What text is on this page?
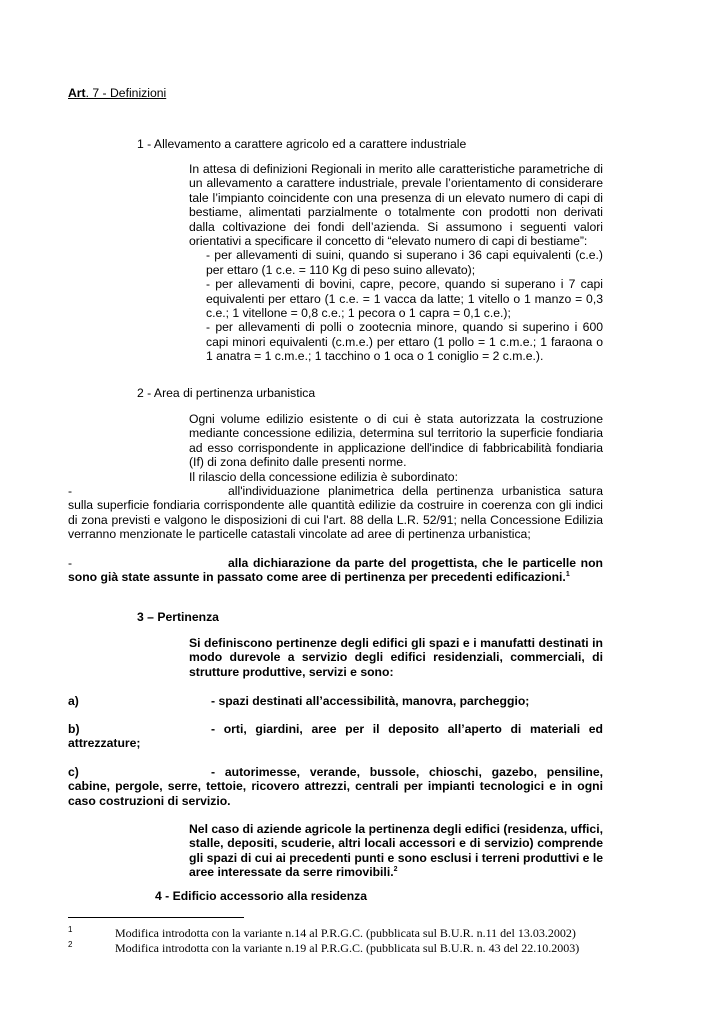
Art. 7 - Definizioni
1 - Allevamento a carattere agricolo ed a carattere industriale
In attesa di definizioni Regionali in merito alle caratteristiche parametriche di un allevamento a carattere industriale, prevale l’orientamento di considerare tale l’impianto coincidente con una presenza di un elevato numero di capi di bestiame, alimentati parzialmente o totalmente con prodotti non derivati dalla coltivazione dei fondi dell’azienda. Si assumono i seguenti valori orientativi a specificare il concetto di “elevato numero di capi di bestiame”:
- per allevamenti di suini, quando si superano i 36 capi equivalenti (c.e.) per ettaro (1 c.e. = 110 Kg di peso suino allevato);
- per allevamenti di bovini, capre, pecore, quando si superano i 7 capi equivalenti per ettaro (1 c.e. = 1 vacca da latte; 1 vitello o 1 manzo = 0,3 c.e.; 1 vitellone = 0,8 c.e.; 1 pecora o 1 capra = 0,1 c.e.);
- per allevamenti di polli o zootecnia minore, quando si superino i 600 capi minori equivalenti (c.m.e.) per ettaro (1 pollo = 1 c.m.e.; 1 faraona o 1 anatra = 1 c.m.e.; 1 tacchino o 1 oca o 1 coniglio = 2 c.m.e.).
2 - Area di pertinenza urbanistica
Ogni volume edilizio esistente o di cui è stata autorizzata la costruzione mediante concessione edilizia, determina sul territorio la superficie fondiaria ad esso corrispondente in applicazione dell'indice di fabbricabilità fondiaria (If) di zona definito dalle presenti norme.
Il rilascio della concessione edilizia è subordinato:
-	all'individuazione planimetrica della pertinenza urbanistica satura sulla superficie fondiaria corrispondente alle quantità edilizie da costruire in coerenza con gli indici di zona previsti e valgono le disposizioni di cui l'art. 88 della L.R. 52/91; nella Concessione Edilizia verranno menzionate le particelle catastali vincolate ad aree di pertinenza urbanistica;
-	alla dichiarazione da parte del progettista, che le particelle non sono già state assunte in passato come aree di pertinenza per precedenti edificazioni.$^1$
3 – Pertinenza
Si definiscono pertinenze degli edifici gli spazi e i manufatti destinati in modo durevole a servizio degli edifici residenziali, commerciali, di strutture produttive, servizi e sono:
a)	- spazi destinati all’accessibilità, manovra, parcheggio;
b)	- orti, giardini, aree per il deposito all’aperto di materiali ed attrezzature;
c)	- autorimesse, verande, bussole, chioschi, gazebo, pensiline, cabine, pergole, serre, tettoie, ricovero attrezzi, centrali per impianti tecnologici e in ogni caso costruzioni di servizio.
Nel caso di aziende agricole la pertinenza degli edifici (residenza, uffici, stalle, depositi, scuderie, altri locali accessori e di servizio) comprende gli spazi di cui ai precedenti punti e sono esclusi i terreni produttivi e le aree interessate da serre rimovibili.$^2$
4 - Edificio accessorio alla residenza
1	Modifica introdotta con la variante n.14 al P.R.G.C. (pubblicata sul B.U.R. n.11 del 13.03.2002)
2	Modifica introdotta con la variante n.19 al P.R.G.C. (pubblicata sul B.U.R. n. 43 del 22.10.2003)
